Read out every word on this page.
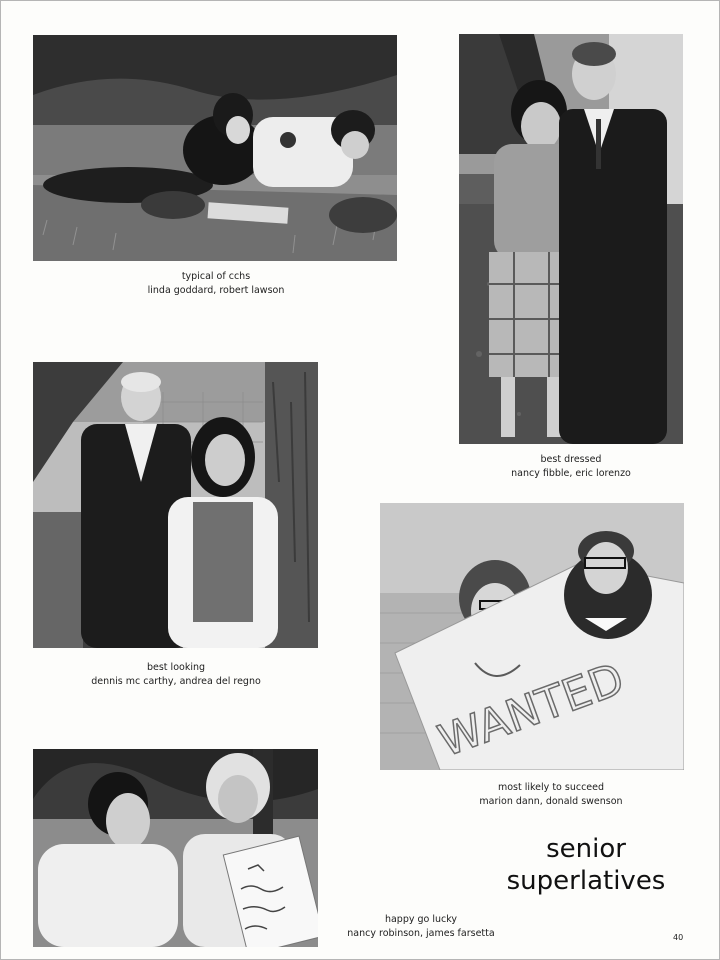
typical of cchs
linda goddard, robert lawson
best dressed
nancy fibble, eric lorenzo
best looking
dennis mc carthy, andrea del regno	WANTED
most likely to succeed
marion dann, donald swenson
happy go lucky
nancy robinson, james farsetta
senior
superlatives
40
